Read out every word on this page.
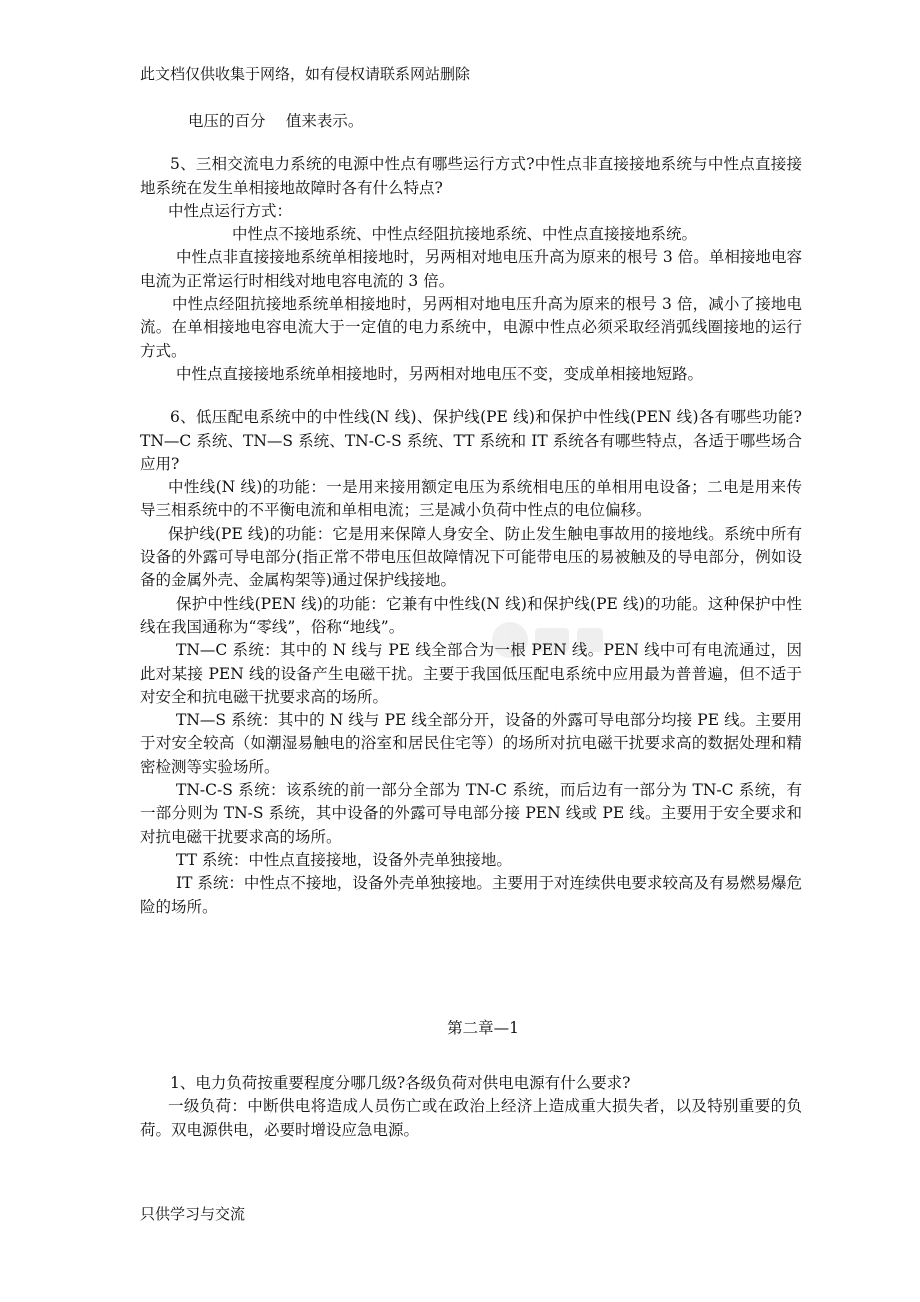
此文档仅供收集于网络，如有侵权请联系网站删除

电压的百分　 值来表示。

5、三相交流电力系统的电源中性点有哪些运行方式?中性点非直接接地系统与中性点直接接地系统在发生单相接地故障时各有什么特点?

中性点运行方式：

中性点不接地系统、中性点经阻抗接地系统、中性点直接接地系统。

中性点非直接接地系统单相接地时，另两相对地电压升高为原来的根号 3 倍。单相接地电容电流为正常运行时相线对地电容电流的 3 倍。

中性点经阻抗接地系统单相接地时，另两相对地电压升高为原来的根号 3 倍，减小了接地电流。在单相接地电容电流大于一定值的电力系统中，电源中性点必须采取经消弧线圈接地的运行方式。

中性点直接接地系统单相接地时，另两相对地电压不变，变成单相接地短路。

6、低压配电系统中的中性线(N 线)、保护线(PE 线)和保护中性线(PEN 线)各有哪些功能? TN—C 系统、TN—S 系统、TN-C-S 系统、TT 系统和 IT 系统各有哪些特点，各适于哪些场合应用?

中性线(N 线)的功能：一是用来接用额定电压为系统相电压的单相用电设备；二电是用来传导三相系统中的不平衡电流和单相电流；三是减小负荷中性点的电位偏移。

保护线(PE 线)的功能：它是用来保障人身安全、防止发生触电事故用的接地线。系统中所有设备的外露可导电部分(指正常不带电压但故障情况下可能带电压的易被触及的导电部分，例如设备的金属外壳、金属构架等)通过保护线接地。

保护中性线(PEN 线)的功能：它兼有中性线(N 线)和保护线(PE 线)的功能。这种保护中性线在我国通称为“零线”，俗称“地线”。

TN—C 系统：其中的 N 线与 PE 线全部合为一根 PEN 线。PEN 线中可有电流通过，因此对某接 PEN 线的设备产生电磁干扰。主要于我国低压配电系统中应用最为普普遍，但不适于对安全和抗电磁干扰要求高的场所。

TN—S 系统：其中的 N 线与 PE 线全部分开，设备的外露可导电部分均接 PE 线。主要用于对安全较高（如潮湿易触电的浴室和居民住宅等）的场所对抗电磁干扰要求高的数据处理和精密检测等实验场所。

TN-C-S 系统：该系统的前一部分全部为 TN-C 系统，而后边有一部分为 TN-C 系统，有一部分则为 TN-S 系统，其中设备的外露可导电部分接 PEN 线或 PE 线。主要用于安全要求和对抗电磁干扰要求高的场所。

TT 系统：中性点直接接地，设备外壳单独接地。

IT 系统：中性点不接地，设备外壳单独接地。主要用于对连续供电要求较高及有易燃易爆危险的场所。

第二章—1

1、电力负荷按重要程度分哪几级?各级负荷对供电电源有什么要求?

一级负荷：中断供电将造成人员伤亡或在政治上经济上造成重大损失者，以及特别重要的负荷。双电源供电，必要时增设应急电源。

只供学习与交流
